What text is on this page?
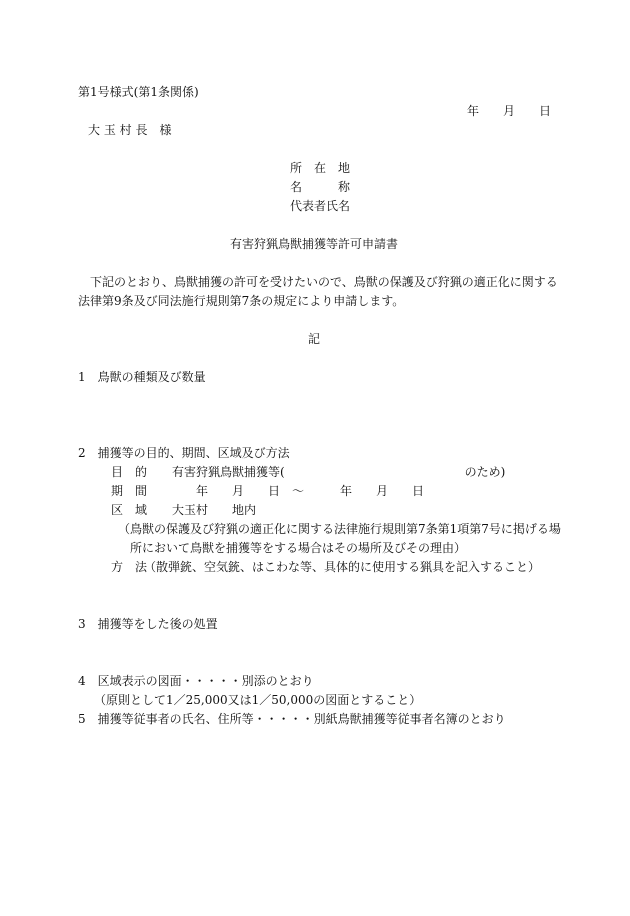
第1号様式(第1条関係)
年　　月　　日
大 玉 村 長　様
所　在　地
名　　　称
代表者氏名
有害狩猟鳥獣捕獲等許可申請書
　下記のとおり、鳥獣捕獲の許可を受けたいので、鳥獣の保護及び狩猟の適正化に関する
法律第9条及び同法施行規則第7条の規定により申請します。
記
1　鳥獣の種類及び数量
2　捕獲等の目的、期間、区域及び方法
目　的 有害狩猟鳥獣捕獲等(　　　　　　　　　　　　　　　のため)
期　間	年　　月　　日　〜　　　年　　月　　日
区　域 大玉村　　地内
（鳥獣の保護及び狩猟の適正化に関する法律施行規則第7条第1項第7号に掲げる場
所において鳥獣を捕獲等をする場合はその場所及びその理由）
方　法
（散弾銃、空気銃、はこわな等、具体的に使用する猟具を記入すること）
3　捕獲等をした後の処置
4　区域表示の図面・・・・・別添のとおり
（原則として1／25,000又は1／50,000の図面とすること）
5　捕獲等従事者の氏名、住所等・・・・・別紙鳥獣捕獲等従事者名簿のとおり
